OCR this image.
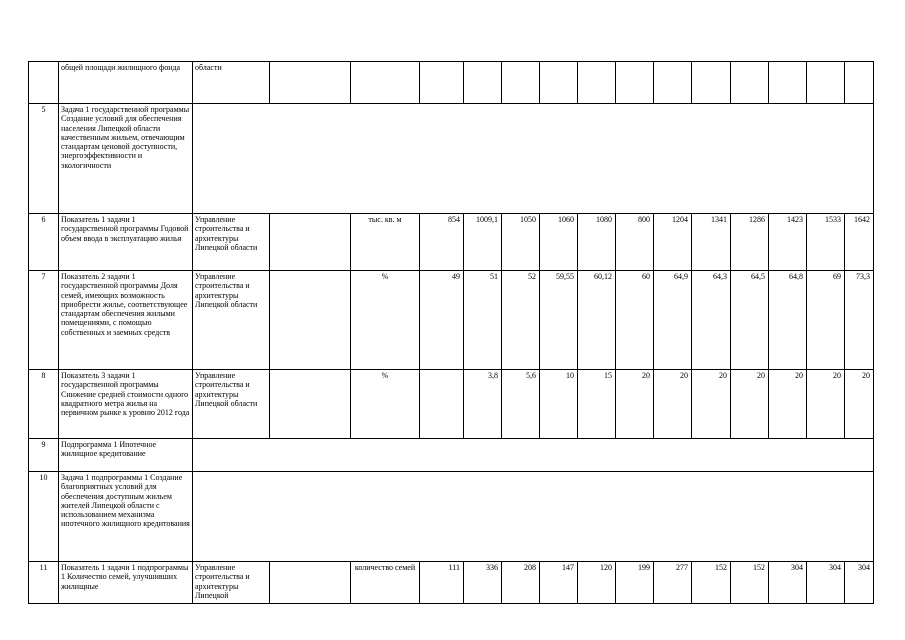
	общей площади жилищного фонда	области														
5	Задача 1 государственной программы Создание условий для обеспечения населения Липецкой области качественным жильем, отвечающим стандартам ценовой доступности, энергоэффективности и экологичности															
6	Показатель 1 задачи 1 государственной программы Годовой объем ввода в эксплуатацию жилья	Управление строительства и архитектуры Липецкой области		тыс. кв. м	854	1009,1	1050	1060	1080	800	1204	1341	1286	1423	1533	1642
7	Показатель 2 задачи 1 государственной программы Доля семей, имеющих возможность приобрести жилье, соответствующее стандартам обеспечения жилыми помещениями, с помощью собственных и заемных средств	Управление строительства и архитектуры Липецкой области		%	49	51	52	59,55	60,12	60	64,9	64,3	64,5	64,8	69	73,3
8	Показатель 3 задачи 1 государственной программы Снижение средней стоимости одного квадратного метра жилья на первичном рынке к уровню 2012 года	Управление строительства и архитектуры Липецкой области		%		3,8	5,6	10	15	20	20	20	20	20	20	20
9	Подпрограмма 1 Ипотечное жилищное кредитование															
10	Задача 1 подпрограммы 1 Создание благоприятных условий для обеспечения доступным жильем жителей Липецкой области с использованием механизма ипотечного жилищного кредитования															
11	Показатель 1 задачи 1 подпрограммы 1 Количество семей, улучшивших жилищные	Управление строительства и архитектуры Липецкой		количество семей	111	336	208	147	120	199	277	152	152	304	304	304
